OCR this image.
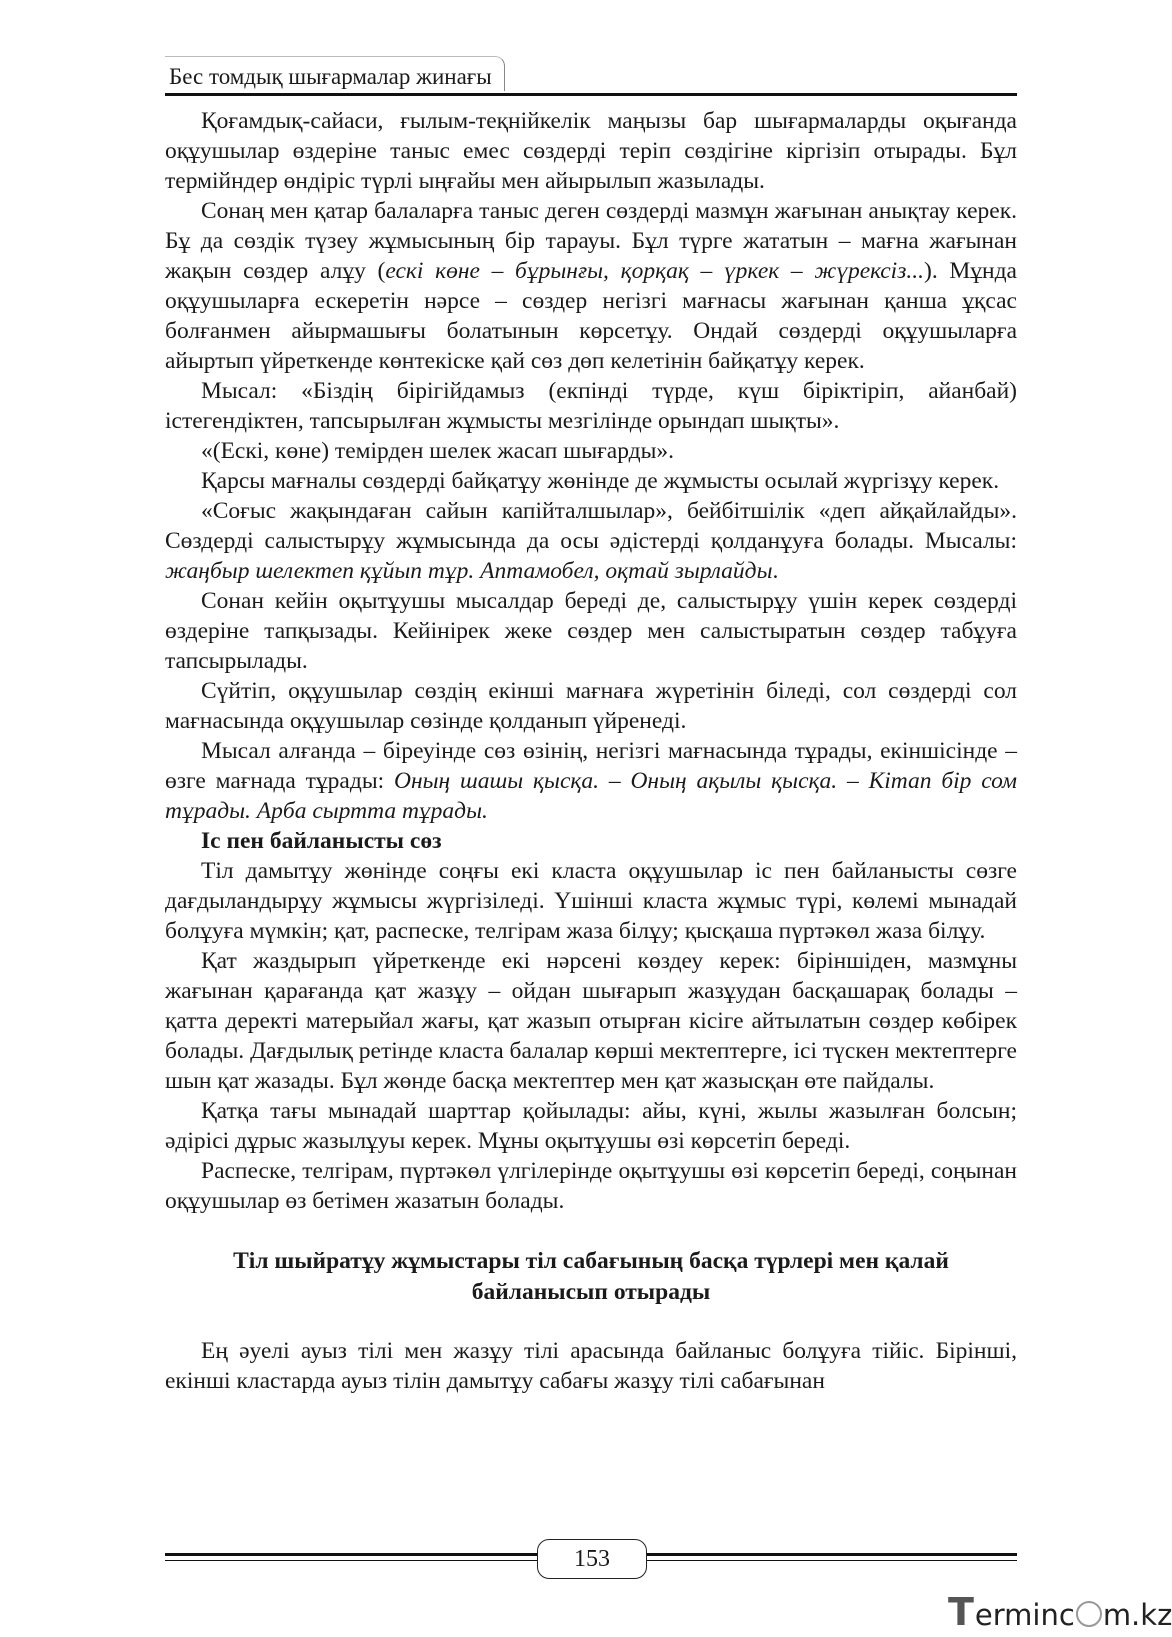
Бес томдық шығармалар жинағы

Қоғамдық-сайаси, ғылым-теқнійкелік маңызы бар шығармаларды оқығанда оқұушылар өздеріне таныс емес сөздерді теріп сөздігіне кіргізіп отырады. Бұл термійндер өндіріс түрлі ыңғайы мен айырылып жазылады.

Сонаң мен қатар балаларға таныс деген сөздерді мазмұн жағынан анықтау керек. Бұ да сөздік түзеу жұмысының бір тарауы. Бұл түрге жататын – мағна жағынан жақын сөздер алұу (ескі көне – бұрынғы, қорқақ – үркек – жүрексіз...). Мұнда оқұушыларға ескеретін нәрсе – сөздер негізгі мағнасы жағынан қанша ұқсас болғанмен айырмашығы болатынын көрсетұу. Ондай сөздерді оқұушыларға айыртып үйреткенде көнтекіске қай сөз дөп келетінін байқатұу керек.

Мысал: «Біздің бірігійдамыз (екпінді түрде, күш біріктіріп, айанбай) істегендіктен, тапсырылған жұмысты мезгілінде орындап шықты».

«(Ескі, көне) темірден шелек жасап шығарды».

Қарсы мағналы сөздерді байқатұу жөнінде де жұмысты осылай жүргізұу керек.

«Соғыс жақындаған сайын капійталшылар», бейбітшілік «деп айқайлайды». Сөздерді салыстырұу жұмысында да осы әдістерді қолданұуға болады. Мысалы: жаңбыр шелектеп құйып тұр. Аптамобел, оқтай зырлайды.

Сонан кейін оқытұушы мысалдар береді де, салыстырұу үшін керек сөздерді өздеріне тапқызады. Кейінірек жеке сөздер мен салыстыратын сөздер табұуға тапсырылады.

Сүйтіп, оқұушылар сөздің екінші мағнаға жүретінін біледі, сол сөздерді сол мағнасында оқұушылар сөзінде қолданып үйренеді.

Мысал алғанда – біреуінде сөз өзінің, негізгі мағнасында тұрады, екіншісінде – өзге мағнада тұрады: Оның шашы қысқа. – Оның ақылы қысқа. – Кітап бір сом тұрады. Арба сыртта тұрады.

Іс пен байланысты сөз

Тіл дамытұу жөнінде соңғы екі класта оқұушылар іс пен байланысты сөзге дағдыландырұу жұмысы жүргізіледі. Үшінші класта жұмыс түрі, көлемі мынадай болұуға мүмкін; қат, распеске, телгірам жаза білұу; қысқаша пүртәкөл жаза білұу.

Қат жаздырып үйреткенде екі нәрсені көздеу керек: біріншіден, мазмұны жағынан қарағанда қат жазұу – ойдан шығарып жазұудан басқашарақ болады – қатта деректі матерыйал жағы, қат жазып отырған кісіге айтылатын сөздер көбірек болады. Дағдылық ретінде класта балалар көрші мектептерге, ісі түскен мектептерге шын қат жазады. Бұл жөнде басқа мектептер мен қат жазысқан өте пайдалы.

Қатқа тағы мынадай шарттар қойылады: айы, күні, жылы жазылған болсын; әдірісі дұрыс жазылұуы керек. Мұны оқытұушы өзі көрсетіп береді.

Распеске, телгірам, пүртәкөл үлгілерінде оқытұушы өзі көрсетіп береді, соңынан оқұушылар өз бетімен жазатын болады.

Тіл шыйратұу жұмыстары тіл сабағының басқа түрлері мен қалай байланысып отырады

Ең әуелі ауыз тілі мен жазұу тілі арасында байланыс болұуға тійіс. Бірінші, екінші кластарда ауыз тілін дамытұу сабағы жазұу тілі сабағынан

153
Terminc m.kz
